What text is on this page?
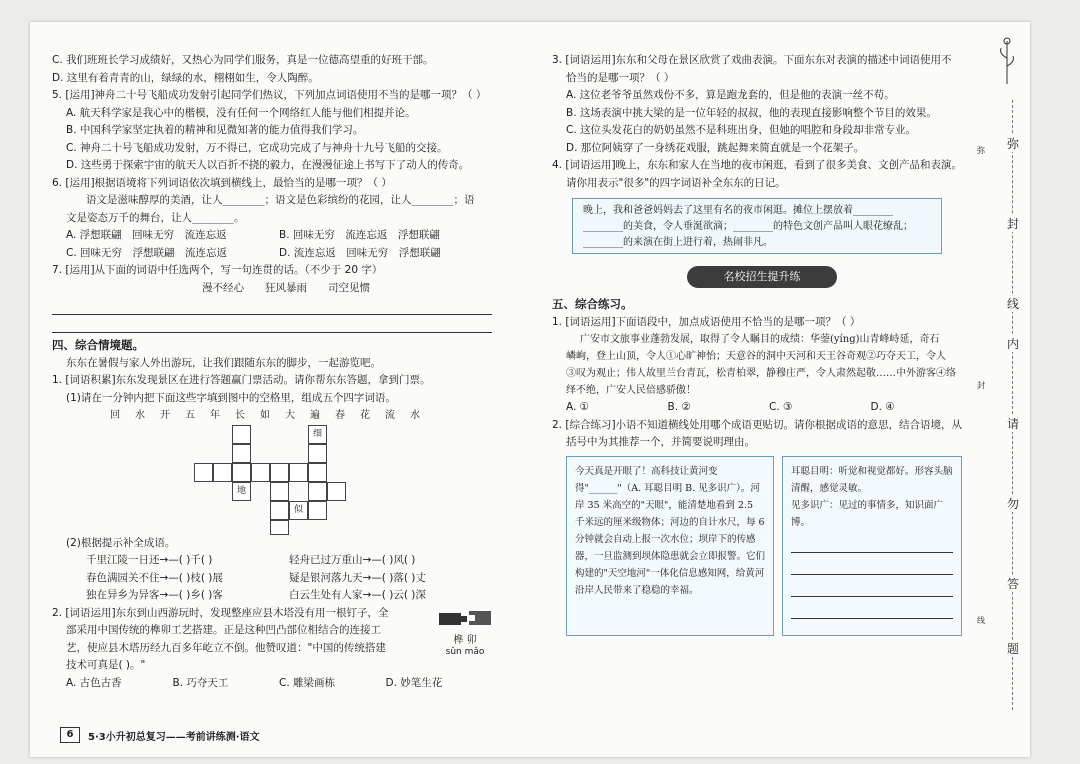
C. 我们班班长学习成绩好，又热心为同学们服务，真是一位德高望重的好班干部。
D. 这里有着青青的山，绿绿的水，栩栩如生，令人陶醉。
5. [运用]神舟二十号飞船成功发射引起同学们热议，下列加点词语使用不当的是哪一项？（ ）
A. 航天科学家是我心中的楷模，没有任何一个网络红人能与他们相提并论。
B. 中国科学家坚定执着的精神和见微知著的能力值得我们学习。
C. 神舟二十号飞船成功发射，万不得已，它成功完成了与神舟十九号飞船的交接。
D. 这些勇于探索宇宙的航天人以百折不挠的毅力，在漫漫征途上书写下了动人的传奇。
6. [运用]根据语境将下列词语依次填到横线上，最恰当的是哪一项？（ ）
语文是滋味醇厚的美酒，让人________；语文是色彩缤纷的花园，让人________；语
文是姿态万千的舞台，让人________。
A. 浮想联翩　回味无穷　流连忘返	B. 回味无穷　流连忘返　浮想联翩
C. 回味无穷　浮想联翩　流连忘返	D. 流连忘返　回味无穷　浮想联翩
7. [运用]从下面的词语中任选两个，写一句连贯的话。（不少于 20 字）
漫不经心　　狂风暴雨　　司空见惯
四、综合情境题。
东东在暑假与家人外出游玩，让我们跟随东东的脚步，一起游览吧。
1. [词语积累]东东发现景区在进行答题赢门票活动。请你帮东东答题，拿到门票。
(1)请在一分钟内把下面这些字填到图中的空格里，组成五个四字词语。
回水开五年长如大遍春花流水
地
细
似
(2)根据提示补全成语。
千里江陵一日还→—( )千( )	轻舟已过万重山→—( )风( )
春色满园关不住→—( )枝( )展	疑是银河落九天→—( )落( )丈
独在异乡为异客→—( )乡( )客	白云生处有人家→—( )云( )深
2. [词语运用]东东到山西游玩时，发现整座应县木塔没有用一根钉子，全
部采用中国传统的榫卯工艺搭建。正是这种凹凸部位相结合的连接工
艺，使应县木塔历经九百多年屹立不倒。他赞叹道："中国的传统搭建
技术可真是( )。"
榫 卯
sǔn mǎo
A. 古色古香	B. 巧夺天工	C. 雕梁画栋	D. 妙笔生花
3. [词语运用]东东和父母在景区欣赏了戏曲表演。下面东东对表演的描述中词语使用不
恰当的是哪一项？（ ）
A. 这位老爷爷虽然戏份不多，算是跑龙套的，但是他的表演一丝不苟。
B. 这场表演中挑大梁的是一位年轻的叔叔，他的表现直接影响整个节目的效果。
C. 这位头发花白的奶奶虽然不是科班出身，但她的唱腔和身段却非常专业。
D. 那位阿姨穿了一身绣花戏服，跳起舞来简直就是一个花架子。
4. [词语运用]晚上，东东和家人在当地的夜市闲逛，看到了很多美食、文创产品和表演。
请你用表示"很多"的四字词语补全东东的日记。
晚上，我和爸爸妈妈去了这里有名的夜市闲逛。摊位上摆放着________
________的美食，令人垂涎欲滴；________的特色文创产品叫人眼花缭乱；
________的来演在街上进行着，热闹非凡。
名校招生提升练
五、综合练习。
1. [词语运用]下面语段中，加点成语使用不恰当的是哪一项？（ ）
广安市文旅事业蓬勃发展，取得了令人瞩目的成绩：华蓥(yíng)山青峰峙延，奇石
嶙峋，登上山顶，令人①心旷神怡；天意谷的洞中天河和天王谷奇观②巧夺天工，令人
③叹为观止；伟人故里兰台青瓦，松青柏翠，静穆庄严，令人肃然起敬……中外游客④络
绎不绝，广安人民倍感骄傲！
A. ①	B. ②	C. ③	D. ④
2. [综合练习]小语不知道横线处用哪个成语更贴切。请你根据成语的意思，结合语境，从
括号中为其推荐一个，并简要说明理由。
今天真是开眼了！高科技让黄河变得"______"（A. 耳聪目明 B. 见多识广）。河岸 35 米高空的"天眼"，能清楚地看到 2.5 千米远的厘米级物体；河边的自计水尺，每 6 分钟就会自动上报一次水位；坝岸下的传感器，一旦监测到坝体隐患就会立即报警。它们构建的"天空地河"一体化信息感知网，给黄河沿岸人民带来了稳稳的幸福。
耳聪目明：听觉和视觉都好。形容头脑清醒，感觉灵敏。
见多识广：见过的事情多，知识面广博。
弥
封
线
内
请
勿
答
题
弥
封
线
6	5·3小升初总复习——考前讲练测·语文
